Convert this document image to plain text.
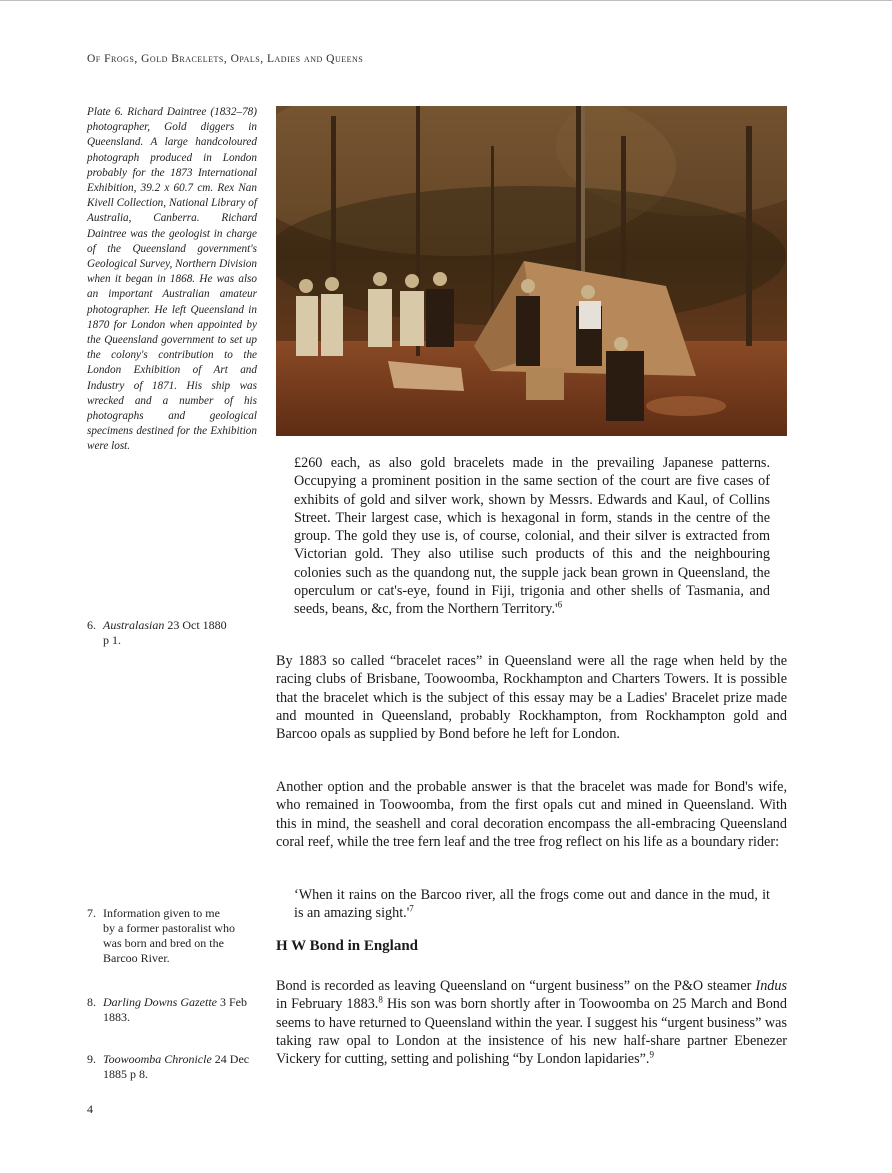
Of Frogs, Gold Bracelets, Opals, Ladies and Queens
Plate 6. Richard Daintree (1832–78) photographer, Gold diggers in Queensland. A large handcoloured photograph produced in London probably for the 1873 International Exhibition, 39.2 x 60.7 cm. Rex Nan Kivell Collection, National Library of Australia, Canberra. Richard Daintree was the geologist in charge of the Queensland government's Geological Survey, Northern Division when it began in 1868. He was also an important Australian amateur photographer. He left Queensland in 1870 for London when appointed by the Queensland government to set up the colony's contribution to the London Exhibition of Art and Industry of 1871. His ship was wrecked and a number of his photographs and geological specimens destined for the Exhibition were lost.
£260 each, as also gold bracelets made in the prevailing Japanese patterns. Occupying a prominent position in the same section of the court are five cases of exhibits of gold and silver work, shown by Messrs. Edwards and Kaul, of Collins Street. Their largest case, which is hexagonal in form, stands in the centre of the group. The gold they use is, of course, colonial, and their silver is extracted from Victorian gold. They also utilise such products of this and the neighbouring colonies such as the quandong nut, the supple jack bean grown in Queensland, the operculum or cat's-eye, found in Fiji, trigonia and other shells of Tasmania, and seeds, beans, &c, from the Northern $Territory.'^6$
By 1883 so called “bracelet races” in Queensland were all the rage when held by the racing clubs of Brisbane, Toowoomba, Rockhampton and Charters Towers. It is possible that the bracelet which is the subject of this essay may be a Ladies' Bracelet prize made and mounted in Queensland, probably Rockhampton, from Rockhampton gold and Barcoo opals as supplied by Bond before he left for London.
Another option and the probable answer is that the bracelet was made for Bond's wife, who remained in Toowoomba, from the first opals cut and mined in Queensland. With this in mind, the seashell and coral decoration encompass the all-embracing Queensland coral reef, while the tree fern leaf and the tree frog reflect on his life as a boundary rider:
‘When it rains on the Barcoo river, all the frogs come out and dance in the mud, it is an amazing $sight.'^7$
H W Bond in England
Bond is recorded as leaving Queensland on “urgent business” on the P&O steamer Indus in February 1883.$^8$ His son was born shortly after in Toowoomba on 25 March and Bond seems to have returned to Queensland within the year. I suggest his “urgent business” was taking raw opal to London at the insistence of his new half-share partner Ebenezer Vickery for cutting, setting and polishing “by London lapidaries”.$^9$
6. Australasian 23 Oct 1880
p 1.
7. Information given to me
by a former pastoralist who
was born and bred on the
Barcoo River.
8. Darling Downs Gazette 3 Feb
1883.
9. Toowoomba Chronicle 24 Dec
1885 p 8.
4
